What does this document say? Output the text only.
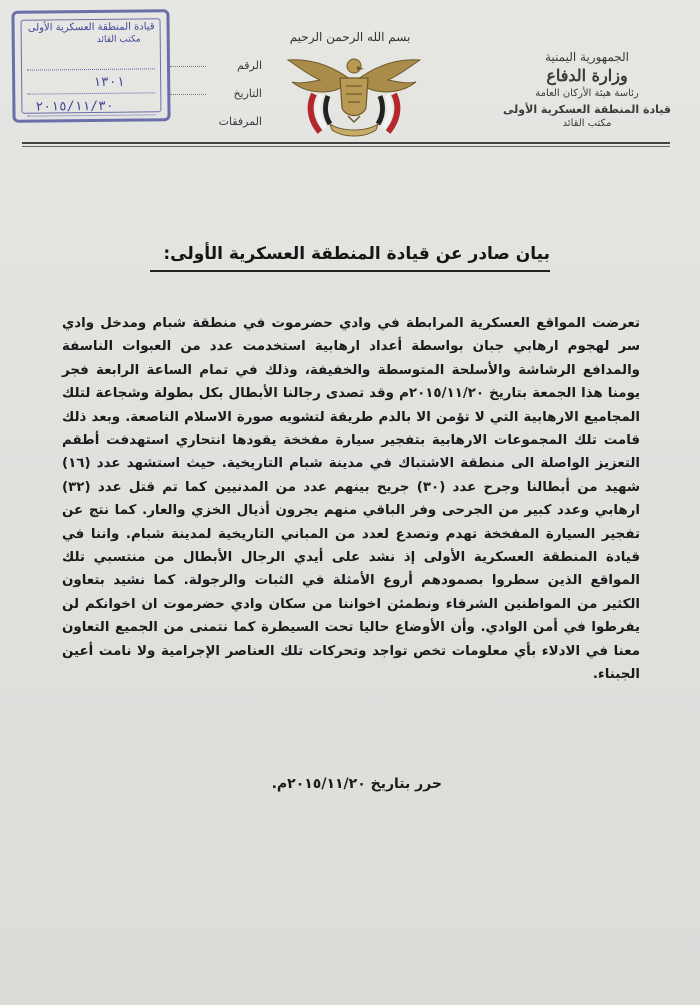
قيادة المنطقة العسكرية الأولى
مكتب القائد
١٣٠١
٢٠١٥/١١/٣٠
الرقم
التاريخ
المرفقات
بسم الله الرحمن الرحيم
الجمهورية اليمنية
وزارة الدفاع
رئاسة هيئة الأركان العامة
قيادة المنطقة العسكرية الأولى
مكتب القائد
بيان صادر عن قيادة المنطقة العسكرية الأولى:
تعرضت المواقع العسكرية المرابطة في وادي حضرموت في منطقة شبام ومدخل وادي سر لهجوم ارهابي جبان بواسطة أعداد ارهابية استخدمت عدد من العبوات الناسفة والمدافع الرشاشة والأسلحة المتوسطة والخفيفة، وذلك في تمام الساعة الرابعة فجر يومنا هذا الجمعة بتاريخ ٢٠١٥/١١/٢٠م وقد تصدى رجالنا الأبطال بكل بطولة وشجاعة لتلك المجاميع الارهابية التي لا تؤمن الا بالدم طريقة لتشويه صورة الاسلام الناصعة. وبعد ذلك قامت تلك المجموعات الارهابية بتفجير سيارة مفخخة يقودها انتحاري استهدفت أطقم التعزيز الواصلة الى منطقة الاشتباك في مدينة شبام التاريخية. حيث استشهد عدد (١٦) شهيد من أبطالنا وجرح عدد (٣٠) جريح بينهم عدد من المدنيين كما تم قتل عدد (٣٢) ارهابي وعدد كبير من الجرحى وفر الباقي منهم يجرون أذيال الخزي والعار. كما نتج عن تفجير السيارة المفخخة تهدم وتصدع لعدد من المباني التاريخية لمدينة شبام. واننا في قيادة المنطقة العسكرية الأولى إذ نشد على أيدي الرجال الأبطال من منتسبي تلك المواقع الذين سطروا بصمودهم أروع الأمثلة في الثبات والرجولة. كما نشيد بتعاون الكثير من المواطنين الشرفاء ونطمئن اخواننا من سكان وادي حضرموت ان اخوانكم لن يفرطوا في أمن الوادي. وأن الأوضاع حاليا تحت السيطرة كما نتمنى من الجميع التعاون معنا في الادلاء بأي معلومات تخص تواجد وتحركات تلك العناصر الإجرامية ولا نامت أعين الجبناء.
حرر بتاريخ ٢٠١٥/١١/٢٠م.
